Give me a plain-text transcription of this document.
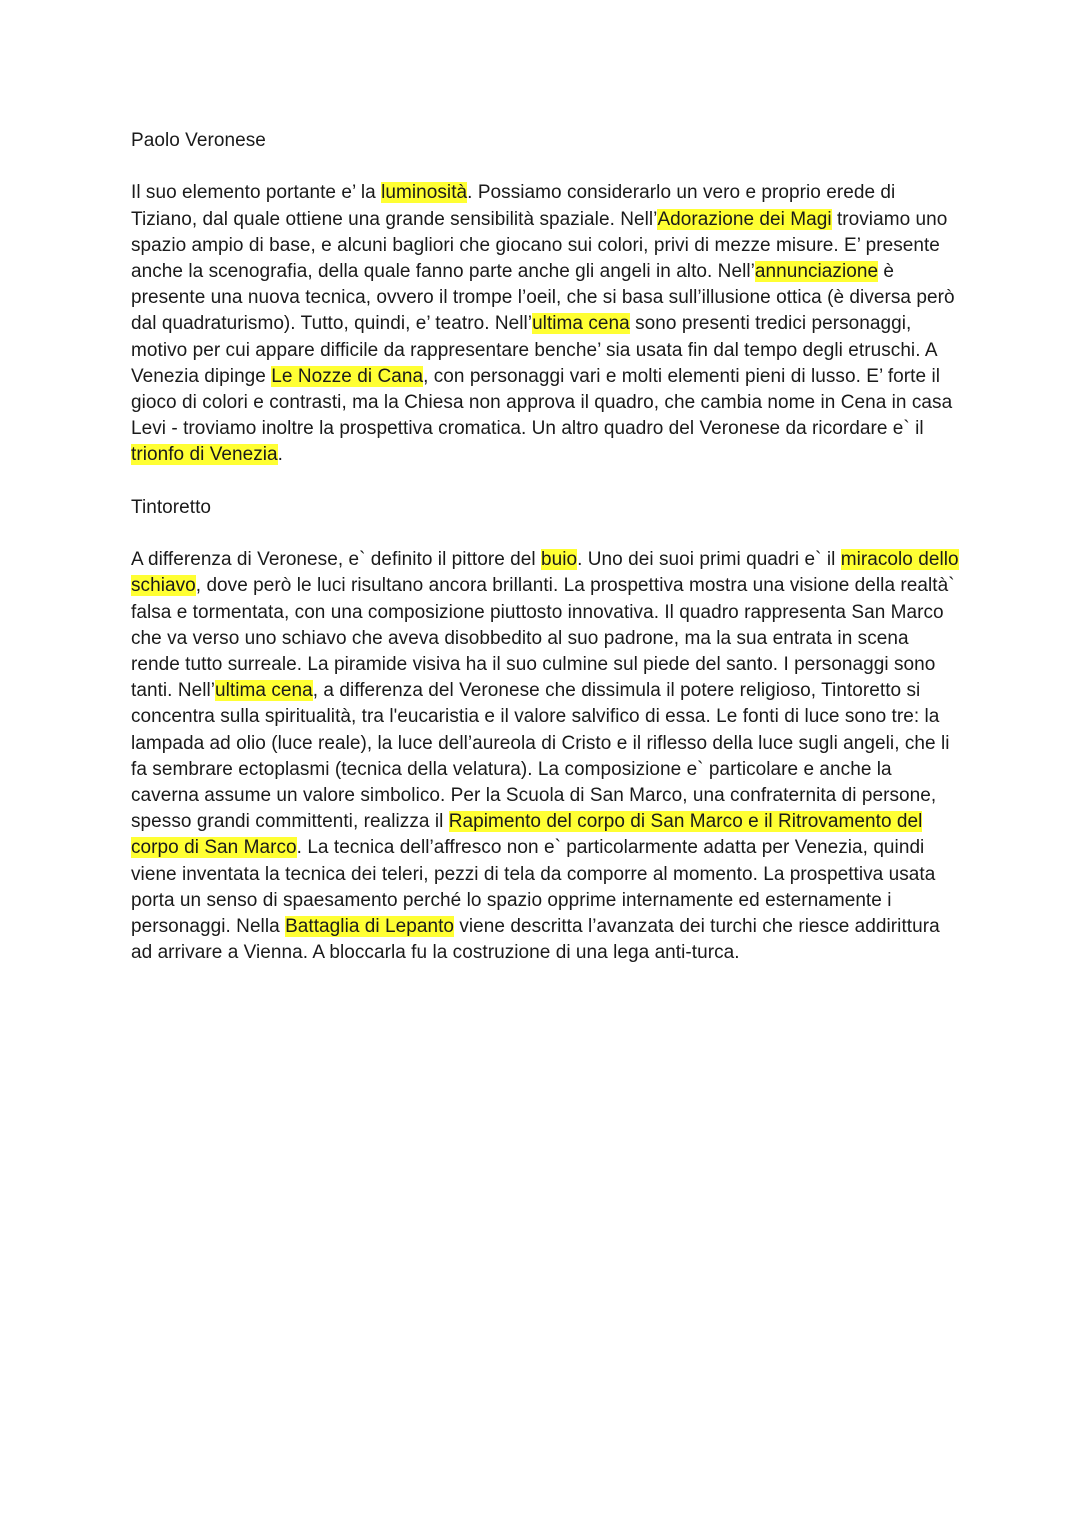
Paolo Veronese

Il suo elemento portante e’ la luminosità. Possiamo considerarlo un vero e proprio erede di Tiziano, dal quale ottiene una grande sensibilità spaziale. Nell’Adorazione dei Magi troviamo uno spazio ampio di base, e alcuni bagliori che giocano sui colori, privi di mezze misure. E’ presente anche la scenografia, della quale fanno parte anche gli angeli in alto. Nell’annunciazione è presente una nuova tecnica, ovvero il trompe l’oeil, che si basa sull’illusione ottica (è diversa però dal quadraturismo). Tutto, quindi, e’ teatro. Nell’ultima cena sono presenti tredici personaggi, motivo per cui appare difficile da rappresentare benche’ sia usata fin dal tempo degli etruschi. A Venezia dipinge Le Nozze di Cana, con personaggi vari e molti elementi pieni di lusso. E’ forte il gioco di colori e contrasti, ma la Chiesa non approva il quadro, che cambia nome in Cena in casa Levi - troviamo inoltre la prospettiva cromatica. Un altro quadro del Veronese da ricordare e` il trionfo di Venezia.

Tintoretto

A differenza di Veronese, e` definito il pittore del buio. Uno dei suoi primi quadri e` il miracolo dello schiavo, dove però le luci risultano ancora brillanti. La prospettiva mostra una visione della realtà` falsa e tormentata, con una composizione piuttosto innovativa. Il quadro rappresenta San Marco che va verso uno schiavo che aveva disobbedito al suo padrone, ma la sua entrata in scena rende tutto surreale. La piramide visiva ha il suo culmine sul piede del santo. I personaggi sono tanti. Nell’ultima cena, a differenza del Veronese che dissimula il potere religioso, Tintoretto si concentra sulla spiritualità, tra l'eucaristia e il valore salvifico di essa. Le fonti di luce sono tre: la lampada ad olio (luce reale), la luce dell’aureola di Cristo e il riflesso della luce sugli angeli, che li fa sembrare ectoplasmi (tecnica della velatura). La composizione e` particolare e anche la caverna assume un valore simbolico. Per la Scuola di San Marco, una confraternita di persone, spesso grandi committenti, realizza il Rapimento del corpo di San Marco e il Ritrovamento del corpo di San Marco. La tecnica dell’affresco non e` particolarmente adatta per Venezia, quindi viene inventata la tecnica dei teleri, pezzi di tela da comporre al momento. La prospettiva usata porta un senso di spaesamento perché lo spazio opprime internamente ed esternamente i personaggi. Nella Battaglia di Lepanto viene descritta l’avanzata dei turchi che riesce addirittura ad arrivare a Vienna. A bloccarla fu la costruzione di una lega anti-turca.
